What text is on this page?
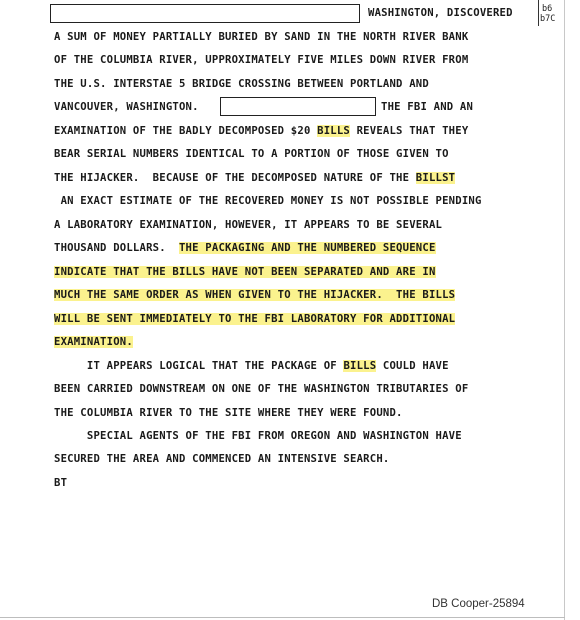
b6
b7C
WASHINGTON, DISCOVERED
A SUM OF MONEY PARTIALLY BURIED BY SAND IN THE NORTH RIVER BANK
OF THE COLUMBIA RIVER, UPPROXIMATELY FIVE MILES DOWN RIVER FROM
THE U.S. INTERSTAE 5 BRIDGE CROSSING BETWEEN PORTLAND AND
VANCOUVER, WASHINGTON.	THE FBI AND AN
EXAMINATION OF THE BADLY DECOMPOSED $20 BILLS REVEALS THAT THEY
BEAR SERIAL NUMBERS IDENTICAL TO A PORTION OF THOSE GIVEN TO
THE HIJACKER.  BECAUSE OF THE DECOMPOSED NATURE OF THE BILLST
AN EXACT ESTIMATE OF THE RECOVERED MONEY IS NOT POSSIBLE PENDING
A LABORATORY EXAMINATION, HOWEVER, IT APPEARS TO BE SEVERAL
THOUSAND DOLLARS.  THE PACKAGING AND THE NUMBERED SEQUENCE
INDICATE THAT THE BILLS HAVE NOT BEEN SEPARATED AND ARE IN
MUCH THE SAME ORDER AS WHEN GIVEN TO THE HIJACKER.  THE BILLS
WILL BE SENT IMMEDIATELY TO THE FBI LABORATORY FOR ADDITIONAL
EXAMINATION.
IT APPEARS LOGICAL THAT THE PACKAGE OF BILLS COULD HAVE
BEEN CARRIED DOWNSTREAM ON ONE OF THE WASHINGTON TRIBUTARIES OF
THE COLUMBIA RIVER TO THE SITE WHERE THEY WERE FOUND.
SPECIAL AGENTS OF THE FBI FROM OREGON AND WASHINGTON HAVE
SECURED THE AREA AND COMMENCED AN INTENSIVE SEARCH.
BT
DB Cooper-25894
